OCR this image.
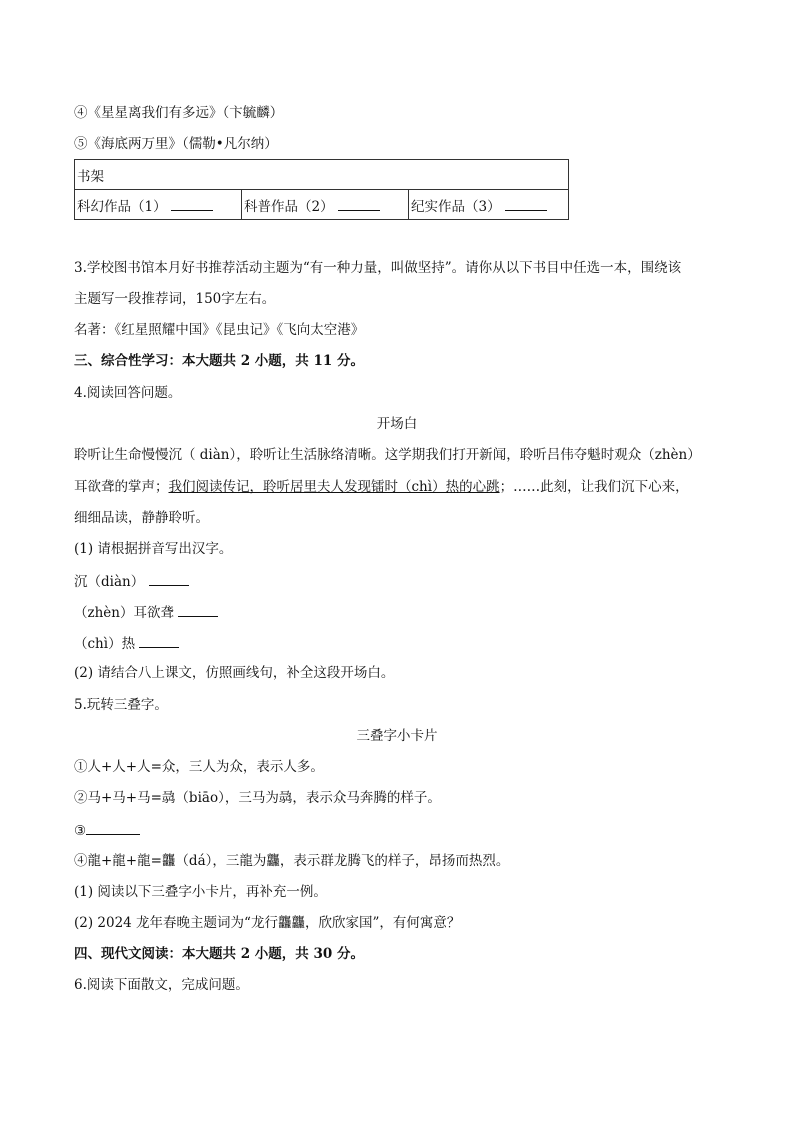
④《星星离我们有多远》（卞毓麟）
⑤《海底两万里》（儒勒•凡尔纳）
书架
科幻作品（1）	科普作品（2）	纪实作品（3）
3.学校图书馆本月好书推荐活动主题为“有一种力量，叫做坚持”。请你从以下书目中任选一本，围绕该
主题写一段推荐词，150字左右。
名著：《红星照耀中国》《昆虫记》《飞向太空港》
三、综合性学习：本大题共 2 小题，共 11 分。
4.阅读回答问题。
开场白
聆听让生命慢慢沉（ diàn），聆听让生活脉络清晰。这学期我们打开新闻，聆听吕伟夺魁时观众（zhèn）
耳欲聋的掌声；我们阅读传记，聆听居里夫人发现镭时（chì）热的心跳；……此刻，让我们沉下心来，
细细品读，静静聆听。
(1) 请根据拼音写出汉字。
沉（diàn）
（zhèn）耳欲聋
（chì）热
(2) 请结合八上课文，仿照画线句，补全这段开场白。
5.玩转三叠字。
三叠字小卡片
①人+人+人=众，三人为众，表示人多。
②马+马+马=骉（biāo），三马为骉，表示众马奔腾的样子。
③
④龍+龍+龍=龘（dá），三龍为龘，表示群龙腾飞的样子，昂扬而热烈。
(1) 阅读以下三叠字小卡片，再补充一例。
(2) 2024 龙年春晚主题词为“龙行龘龘，欣欣家国”，有何寓意？
四、现代文阅读：本大题共 2 小题，共 30 分。
6.阅读下面散文，完成问题。
